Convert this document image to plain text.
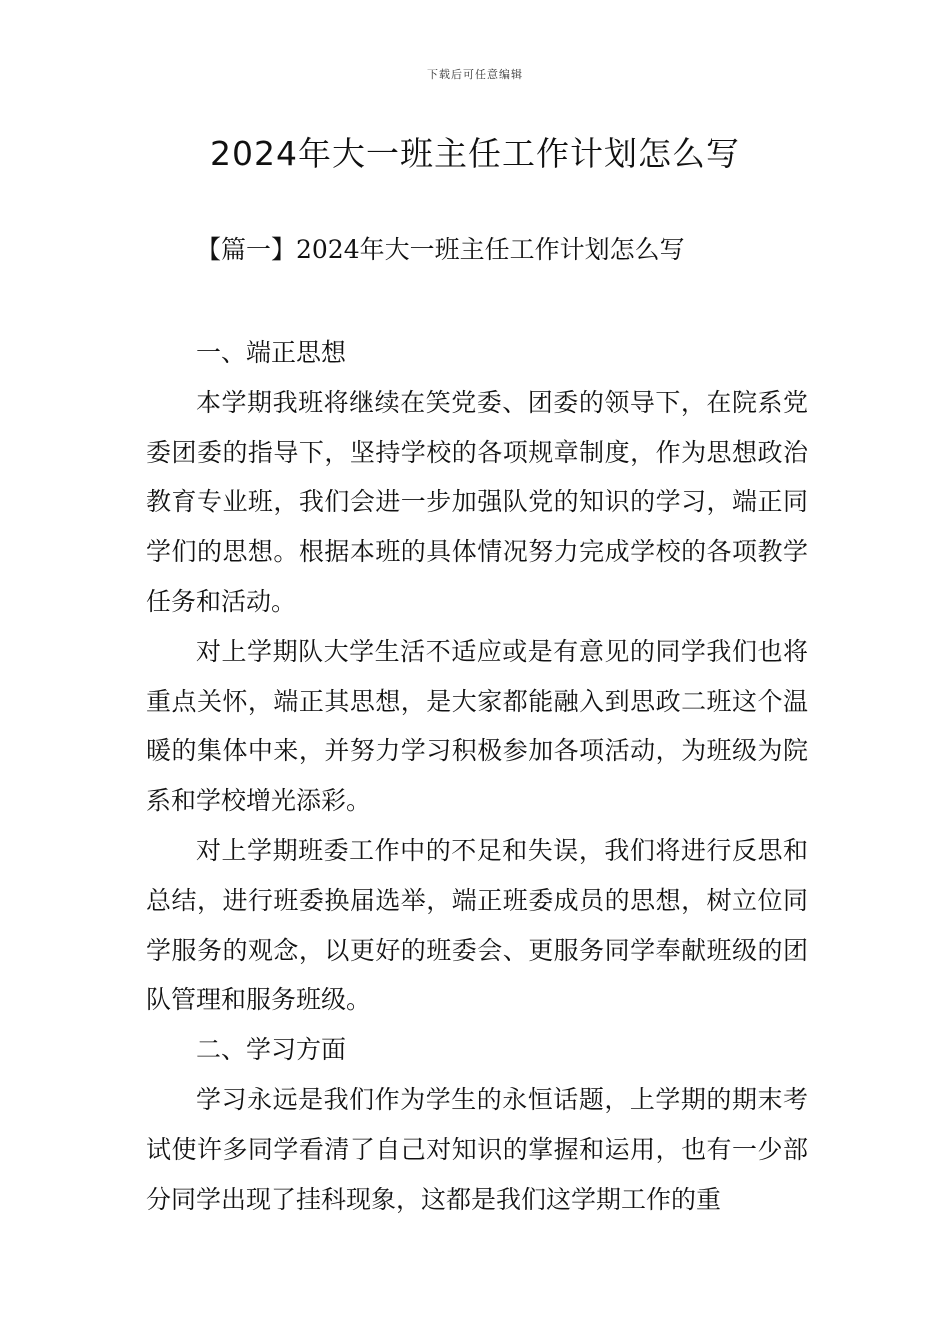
下载后可任意编辑
2024年大一班主任工作计划怎么写
【篇一】2024年大一班主任工作计划怎么写

一、端正思想

本学期我班将继续在笑党委、团委的领导下，在院系党委团委的指导下，坚持学校的各项规章制度，作为思想政治教育专业班，我们会进一步加强队党的知识的学习，端正同学们的思想。根据本班的具体情况努力完成学校的各项教学任务和活动。

对上学期队大学生活不适应或是有意见的同学我们也将重点关怀，端正其思想，是大家都能融入到思政二班这个温暖的集体中来，并努力学习积极参加各项活动，为班级为院系和学校增光添彩。

对上学期班委工作中的不足和失误，我们将进行反思和总结，进行班委换届选举，端正班委成员的思想，树立位同学服务的观念，以更好的班委会、更服务同学奉献班级的团队管理和服务班级。

二、学习方面

学习永远是我们作为学生的永恒话题，上学期的期末考试使许多同学看清了自己对知识的掌握和运用，也有一少部分同学出现了挂科现象，这都是我们这学期工作的重
